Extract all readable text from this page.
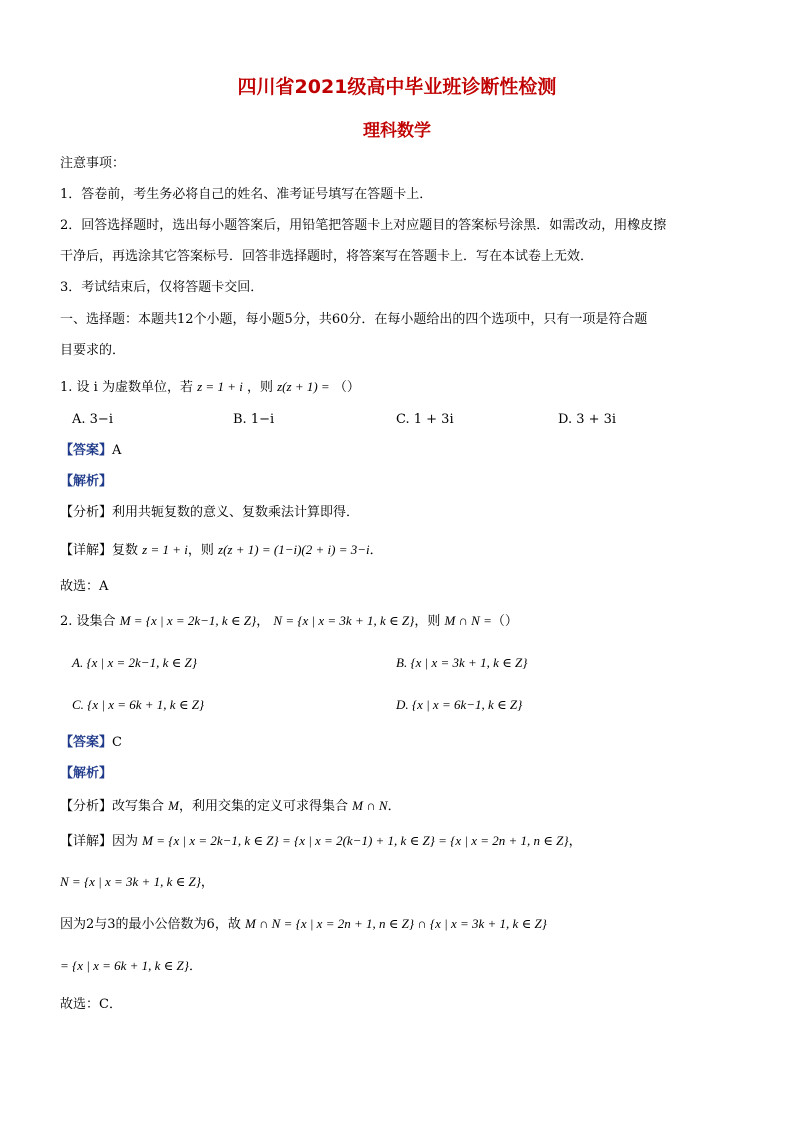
四川省2021级高中毕业班诊断性检测
理科数学
注意事项：
1．答卷前，考生务必将自己的姓名、准考证号填写在答题卡上．
2．回答选择题时，选出每小题答案后，用铅笔把答题卡上对应题目的答案标号涂黑．如需改动，用橡皮擦
干净后，再选涂其它答案标号．回答非选择题时，将答案写在答题卡上．写在本试卷上无效．
3．考试结束后，仅将答题卡交回．
一、选择题：本题共12个小题，每小题5分，共60分．在每小题给出的四个选项中，只有一项是符合题
目要求的．
1. 设 i 为虚数单位，若 z = 1 + i ，则 z(z + 1) = （）
A. 3−i	B. 1−i	C. 1 + 3i	D. 3 + 3i
【答案】A
【解析】
【分析】利用共轭复数的意义、复数乘法计算即得．
【详解】复数 z = 1 + i，则 z(z + 1) = (1−i)(2 + i) = 3−i．
故选：A
2. 设集合 M = {x | x = 2k−1, k ∈ Z}， N = {x | x = 3k + 1, k ∈ Z}，则 M ∩ N =（）
A. {x | x = 2k−1, k ∈ Z}	B. {x | x = 3k + 1, k ∈ Z}
C. {x | x = 6k + 1, k ∈ Z}	D. {x | x = 6k−1, k ∈ Z}
【答案】C
【解析】
【分析】改写集合 M，利用交集的定义可求得集合 M ∩ N．
【详解】因为 M = {x | x = 2k−1, k ∈ Z} = {x | x = 2(k−1) + 1, k ∈ Z} = {x | x = 2n + 1, n ∈ Z}，
N = {x | x = 3k + 1, k ∈ Z}，
因为2与3的最小公倍数为6，故 M ∩ N = {x | x = 2n + 1, n ∈ Z} ∩ {x | x = 3k + 1, k ∈ Z}
= {x | x = 6k + 1, k ∈ Z}．
故选：C．
